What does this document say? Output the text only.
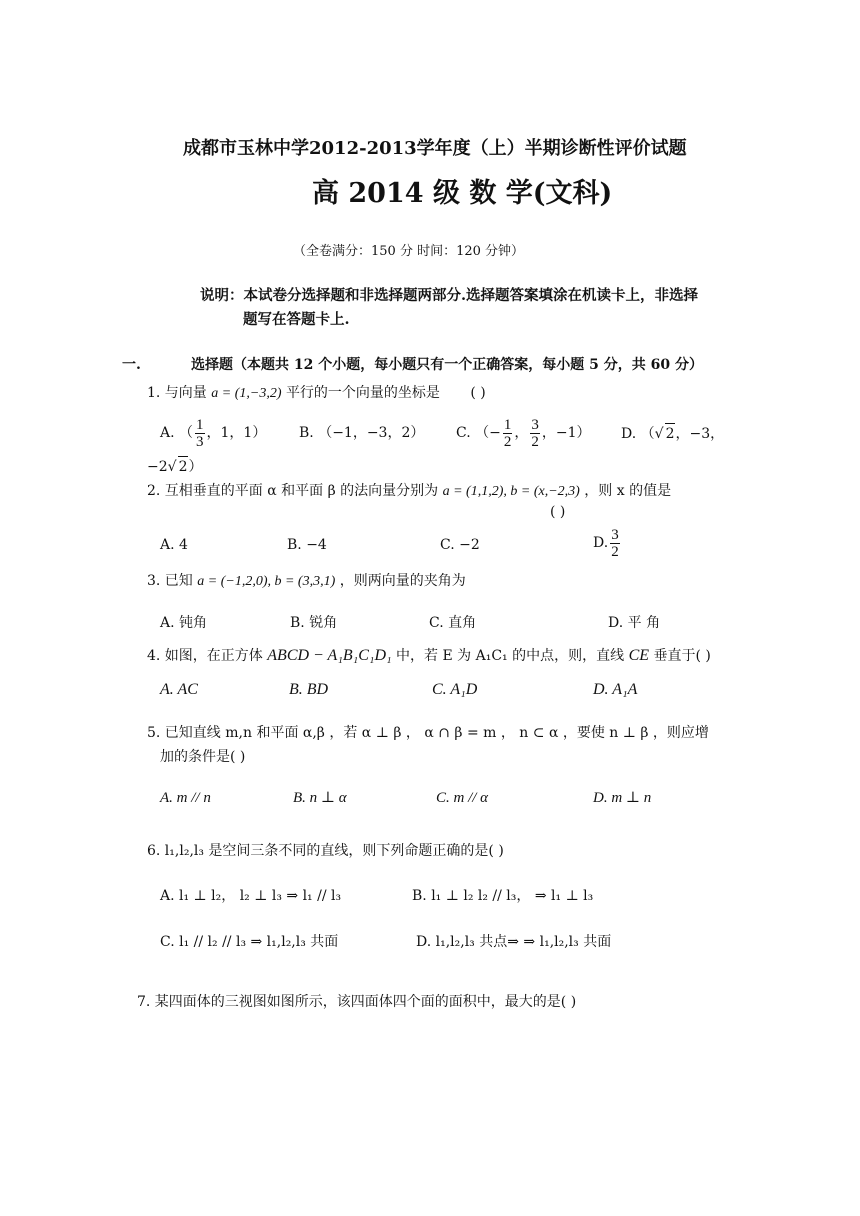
成都市玉林中学2012-2013学年度（上）半期诊断性评价试题
高 2014 级 数 学(文科)
（全卷满分：150 分 时间：120 分钟）
说明：本试卷分选择题和非选择题两部分.选择题答案填涂在机读卡上，非选择
题写在答题卡上.
一.	选择题（本题共 12 个小题，每小题只有一个正确答案，每小题 5 分，共 60 分）
1. 与向量 a = (1,−3,2) 平行的一个向量的坐标是 ( )
A. （ $\frac{1}{3}$ ，1，1） B. （−1，−3，2） C. （− $\frac{1}{2}$ ， $\frac{3}{2}$ ，−1） D. （√ 2，−3，
−2√ 2）
2. 互相垂直的平面 α 和平面 β 的法向量分别为 a = (1,1,2), b = (x,−2,3) ，则 x 的值是
( )
A. 4	B. −4	C. −2	D. $\frac{3}{2}$
3. 已知 a = (−1,2,0), b = (3,3,1) ，则两向量的夹角为
A. 钝角	B. 锐角	C. 直角	D. 平 角
4. 如图，在正方体 ABCD − A₁B₁C₁D₁ 中，若 E 为 A₁C₁ 的中点，则，直线 CE 垂直于( )
A. AC	B. BD	C. A₁D	D. A₁A
5. 已知直线 m,n 和平面 α,β ，若 α ⊥ β ， α ∩ β = m ， n ⊂ α ，要使 n ⊥ β ，则应增
加的条件是( )
A. m // n	B. n ⊥ α	C. m // α	D. m ⊥ n
6. l₁,l₂,l₃ 是空间三条不同的直线，则下列命题正确的是( )
A. l₁ ⊥ l₂， l₂ ⊥ l₃ ⇒ l₁ // l₃	B. l₁ ⊥ l₂ l₂ // l₃， ⇒ l₁ ⊥ l₃
C. l₁ // l₂ // l₃ ⇒ l₁,l₂,l₃ 共面	D. l₁,l₂,l₃ 共点⇒ ⇒ l₁,l₂,l₃ 共面
7. 某四面体的三视图如图所示，该四面体四个面的面积中，最大的是( )
